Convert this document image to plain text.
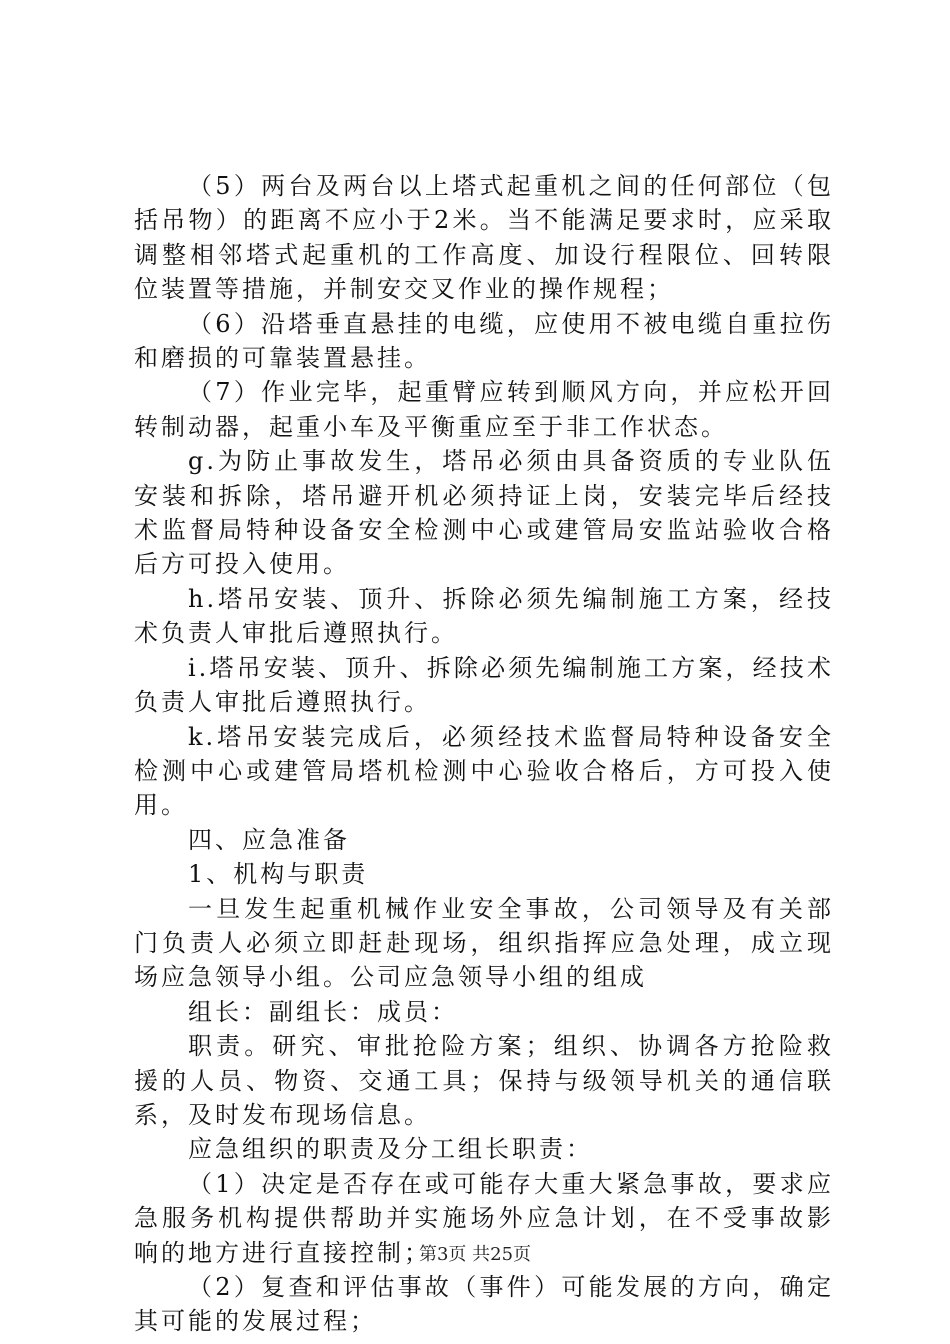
（5）两台及两台以上塔式起重机之间的任何部位（包括吊物）的距离不应小于2米。当不能满足要求时，应采取调整相邻塔式起重机的工作高度、加设行程限位、回转限位装置等措施，并制安交叉作业的操作规程；

（6）沿塔垂直悬挂的电缆，应使用不被电缆自重拉伤和磨损的可靠装置悬挂。

（7）作业完毕，起重臂应转到顺风方向，并应松开回转制动器，起重小车及平衡重应至于非工作状态。

g.为防止事故发生，塔吊必须由具备资质的专业队伍安装和拆除，塔吊避开机必须持证上岗，安装完毕后经技术监督局特种设备安全检测中心或建管局安监站验收合格后方可投入使用。

h.塔吊安装、顶升、拆除必须先编制施工方案，经技术负责人审批后遵照执行。

i.塔吊安装、顶升、拆除必须先编制施工方案，经技术负责人审批后遵照执行。

k.塔吊安装完成后，必须经技术监督局特种设备安全检测中心或建管局塔机检测中心验收合格后，方可投入使用。

四、应急准备

1、机构与职责

一旦发生起重机械作业安全事故，公司领导及有关部门负责人必须立即赶赴现场，组织指挥应急处理，成立现场应急领导小组。公司应急领导小组的组成

组长：副组长：成员：

职责。研究、审批抢险方案；组织、协调各方抢险救援的人员、物资、交通工具；保持与级领导机关的通信联系，及时发布现场信息。

应急组织的职责及分工组长职责：

（1）决定是否存在或可能存大重大紧急事故，要求应急服务机构提供帮助并实施场外应急计划，在不受事故影响的地方进行直接控制；

（2）复查和评估事故（事件）可能发展的方向，确定其可能的发展过程；

第3页 共25页
